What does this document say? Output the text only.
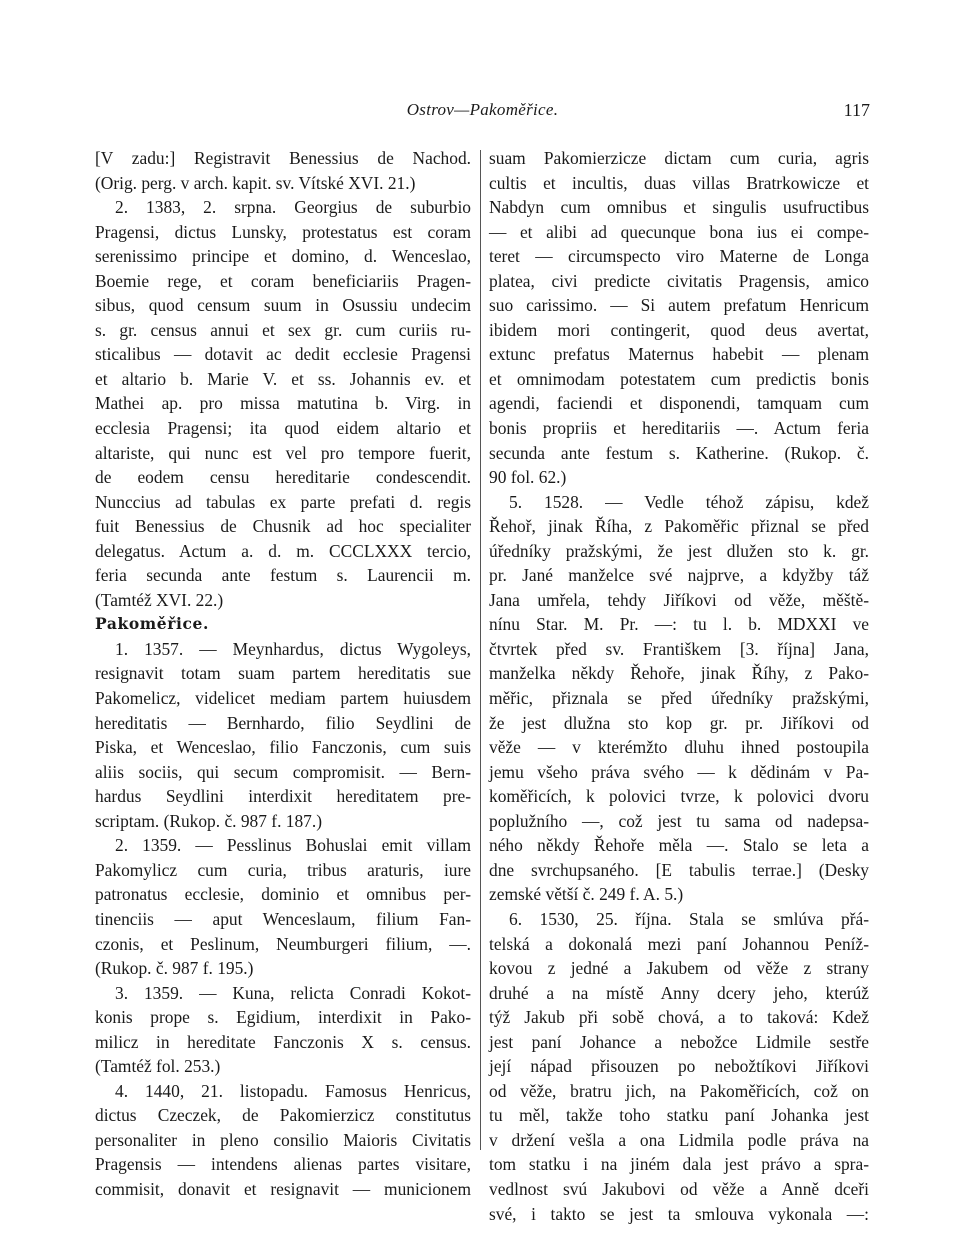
Ostrov—Pakoměřice.	117
[V zadu:] Registravit Benessius de Nachod.
(Orig. perg. v arch. kapit. sv. Vítské XVI. 21.)
2. 1383, 2. srpna. Georgius de suburbio
Pragensi, dictus Lunsky, protestatus est coram
serenissimo principe et domino, d. Wenceslao,
Boemie rege, et coram beneficiariis Pragen-
sibus, quod censum suum in Osussiu undecim
s. gr. census annui et sex gr. cum curiis ru-
sticalibus — dotavit ac dedit ecclesie Pragensi
et altario b. Marie V. et ss. Johannis ev. et
Mathei ap. pro missa matutina b. Virg. in
ecclesia Pragensi; ita quod eidem altario et
altariste, qui nunc est vel pro tempore fuerit,
de eodem censu hereditarie condescendit.
Nunccius ad tabulas ex parte prefati d. regis
fuit Benessius de Chusnik ad hoc specialiter
delegatus. Actum a. d. m. CCCLXXX tercio,
feria secunda ante festum s. Laurencii m.
(Tamtéž XVI. 22.)
Pakoměřice.
1. 1357. — Meynhardus, dictus Wygoleys,
resignavit totam suam partem hereditatis sue
Pakomelicz, videlicet mediam partem huiusdem
hereditatis — Bernhardo, filio Seydlini de
Piska, et Wenceslao, filio Fanczonis, cum suis
aliis sociis, qui secum compromisit. — Bern-
hardus Seydlini interdixit hereditatem pre-
scriptam. (Rukop. č. 987 f. 187.)
2. 1359. — Pesslinus Bohuslai emit villam
Pakomylicz cum curia, tribus araturis, iure
patronatus ecclesie, dominio et omnibus per-
tinenciis — aput Wenceslaum, filium Fan-
czonis, et Peslinum, Neumburgeri filium, —.
(Rukop. č. 987 f. 195.)
3. 1359. — Kuna, relicta Conradi Kokot-
konis prope s. Egidium, interdixit in Pako-
milicz in hereditate Fanczonis X s. census.
(Tamtéž fol. 253.)
4. 1440, 21. listopadu. Famosus Henricus,
dictus Czeczek, de Pakomierzicz constitutus
personaliter in pleno consilio Maioris Civitatis
Pragensis — intendens alienas partes visitare,
commisit, donavit et resignavit — municionem
suam Pakomierzicze dictam cum curia, agris
cultis et incultis, duas villas Bratrkowicze et
Nabdyn cum omnibus et singulis usufructibus
— et alibi ad quecunque bona ius ei compe-
teret — circumspecto viro Materne de Longa
platea, civi predicte civitatis Pragensis, amico
suo carissimo. — Si autem prefatum Henricum
ibidem mori contingerit, quod deus avertat,
extunc prefatus Maternus habebit — plenam
et omnimodam potestatem cum predictis bonis
agendi, faciendi et disponendi, tamquam cum
bonis propriis et hereditariis —. Actum feria
secunda ante festum s. Katherine. (Rukop. č.
90 fol. 62.)
5. 1528. — Vedle téhož zápisu, kdež
Řehoř, jinak Říha, z Pakoměřic přiznal se před
úředníky pražskými, že jest dlužen sto k. gr.
pr. Jané manželce své najprve, a kdyžby táž
Jana umřela, tehdy Jiříkovi od věže, měště-
nínu Star. M. Pr. —: tu l. b. MDXXI ve
čtvrtek před sv. Františkem [3. října] Jana,
manželka někdy Řehoře, jinak Říhy, z Pako-
měřic, přiznala se před úředníky pražskými,
že jest dlužna sto kop gr. pr. Jiříkovi od
věže — v kterémžto dluhu ihned postoupila
jemu všeho práva svého — k dědinám v Pa-
koměřicích, k polovici tvrze, k polovici dvoru
poplužního —, což jest tu sama od nadepsa-
ného někdy Řehoře měla —. Stalo se leta a
dne svrchupsaného. [E tabulis terrae.] (Desky
zemské větší č. 249 f. A. 5.)
6. 1530, 25. října. Stala se smlúva přá-
telská a dokonalá mezi paní Johannou Peníž-
kovou z jedné a Jakubem od věže z strany
druhé a na místě Anny dcery jeho, kterúž
týž Jakub při sobě chová, a to taková: Kdež
jest paní Johance a nebožce Lidmile sestře
její nápad přisouzen po nebožtíkovi Jiříkovi
od věže, bratru jich, na Pakoměřicích, což on
tu měl, takže toho statku paní Johanka jest
v držení vešla a ona Lidmila podle práva na
tom statku i na jiném dala jest právo a spra-
vedlnost svú Jakubovi od věže a Anně dceři
své, i takto se jest ta smlouva vykonala —:
